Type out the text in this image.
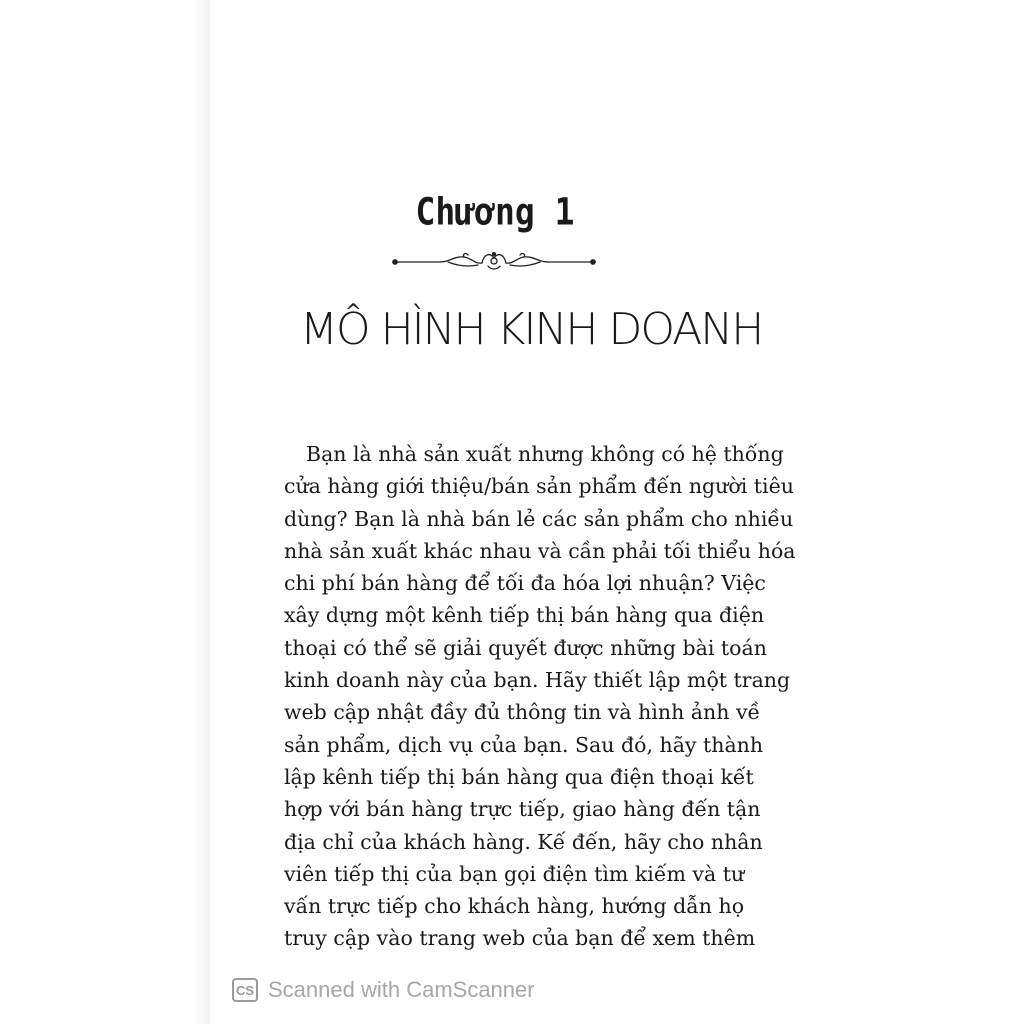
Chương 1
MÔ HÌNH KINH DOANH
Bạn là nhà sản xuất nhưng không có hệ thống
cửa hàng giới thiệu/bán sản phẩm đến người tiêu
dùng? Bạn là nhà bán lẻ các sản phẩm cho nhiều
nhà sản xuất khác nhau và cần phải tối thiểu hóa
chi phí bán hàng để tối đa hóa lợi nhuận? Việc
xây dựng một kênh tiếp thị bán hàng qua điện
thoại có thể sẽ giải quyết được những bài toán
kinh doanh này của bạn. Hãy thiết lập một trang
web cập nhật đầy đủ thông tin và hình ảnh về
sản phẩm, dịch vụ của bạn. Sau đó, hãy thành
lập kênh tiếp thị bán hàng qua điện thoại kết
hợp với bán hàng trực tiếp, giao hàng đến tận
địa chỉ của khách hàng. Kế đến, hãy cho nhân
viên tiếp thị của bạn gọi điện tìm kiếm và tư
vấn trực tiếp cho khách hàng, hướng dẫn họ
truy cập vào trang web của bạn để xem thêm
CS Scanned with CamScanner
